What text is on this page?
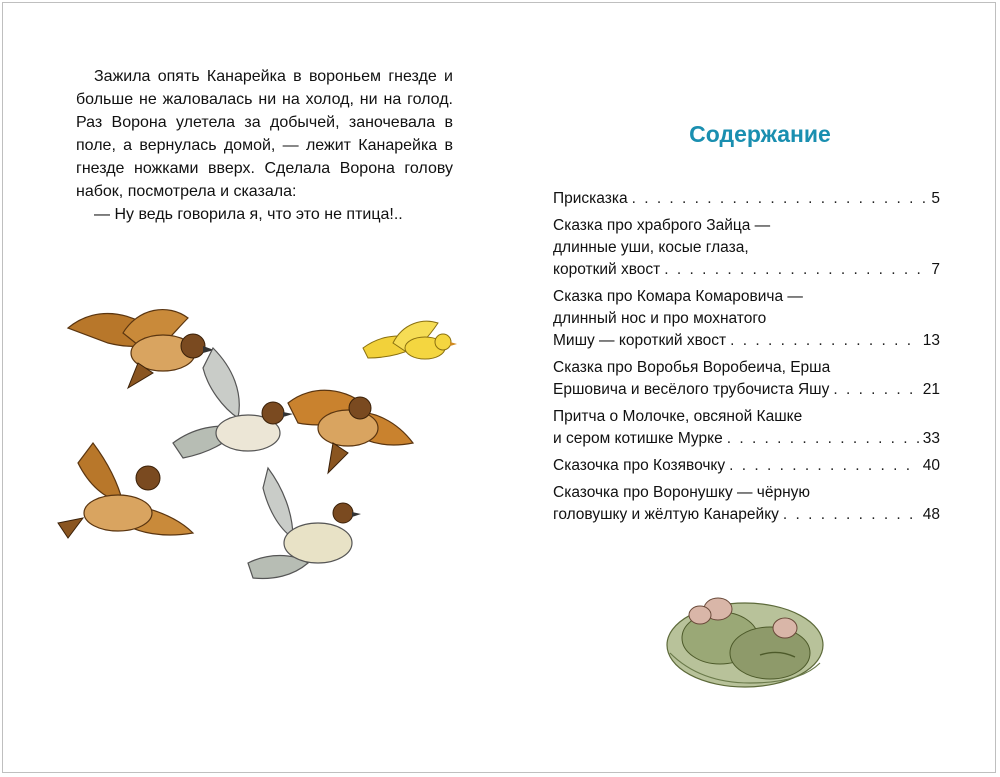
Зажила опять Канарейка в вороньем гнезде и больше не жаловалась ни на холод, ни на голод. Раз Ворона улетела за добычей, заночевала в поле, а вернулась домой, — лежит Канарейка в гнезде ножками вверх. Сделала Ворона голову набок, посмотрела и сказала:

— Ну ведь говорила я, что это не птица!..

Содержание
Присказка . . .	5
Сказка про храброго Зайца —
длинные уши, косые глаза,
короткий хвост . . .	7
Сказка про Комара Комаровича —
длинный нос и про мохнатого
Мишу — короткий хвост . . .	13
Сказка про Воробья Воробеича, Ерша
Ершовича и весёлого трубочиста Яшу . . .	21
Притча о Молочке, овсяной Кашке
и сером котишке Мурке . . .	33
Сказочка про Козявочку . . .	40
Сказочка про Воронушку — чёрную
головушку и жёлтую Канарейку . . .	48
